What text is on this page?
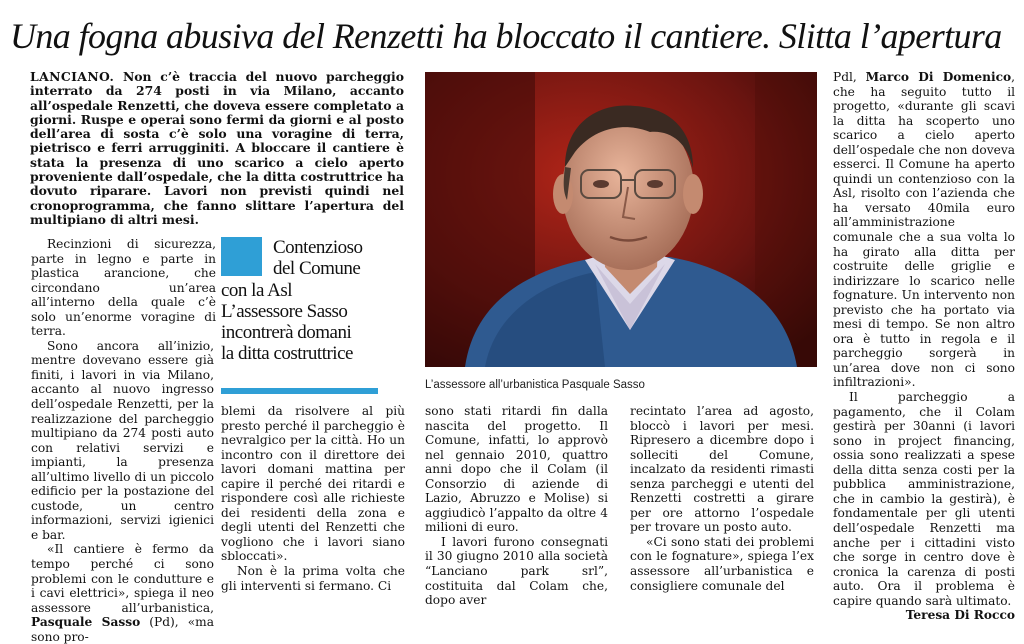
Una fogna abusiva del Renzetti ha bloccato il cantiere. Slitta l’apertura

LANCIANO. Non c’è traccia del nuovo parcheggio interrato da 274 posti in via Milano, accanto all’ospedale Renzetti, che doveva essere completato a giorni. Ruspe e operai sono fermi da giorni e al posto dell’area di sosta c’è solo una voragine di terra, pietrisco e ferri arrugginiti. A bloccare il cantiere è stata la presenza di uno scarico a cielo aperto proveniente dall’ospedale, che la ditta costruttrice ha dovuto riparare. Lavori non previsti quindi nel cronoprogramma, che fanno slittare l’apertura del multipiano di altri mesi.

Recinzioni di sicurezza, parte in legno e parte in plastica arancione, che circondano un’area all’interno della quale c’è solo un’enorme voragine di terra.

Sono ancora all’inizio, mentre dovevano essere già finiti, i lavori in via Milano, accanto al nuovo ingresso dell’ospedale Renzetti, per la realizzazione del parcheggio multipiano da 274 posti auto con relativi servizi e impianti, la presenza all’ultimo livello di un piccolo edificio per la postazione del custode, un centro informazioni, servizi igienici e bar.

«Il cantiere è fermo da tempo perché ci sono problemi con le condutture e i cavi elettrici», spiega il neo assessore all’urbanistica, Pasquale Sasso (Pd), «ma sono pro-

Contenzioso
del Comune
con la Asl
L’assessore Sasso
incontrerà domani
la ditta costruttrice

blemi da risolvere al più presto perché il parcheggio è nevralgico per la città. Ho un incontro con il direttore dei lavori domani mattina per capire il perché dei ritardi e rispondere così alle richieste dei residenti della zona e degli utenti del Renzetti che vogliono che i lavori siano sbloccati».

Non è la prima volta che gli interventi si fermano. Ci

L’assessore all’urbanistica Pasquale Sasso

sono stati ritardi fin dalla nascita del progetto. Il Comune, infatti, lo approvò nel gennaio 2010, quattro anni dopo che il Colam (il Consorzio di aziende di Lazio, Abruzzo e Molise) si aggiudicò l’appalto da oltre 4 milioni di euro.

I lavori furono consegnati il 30 giugno 2010 alla società “Lanciano park srl”, costituita dal Colam che, dopo aver

recintato l’area ad agosto, bloccò i lavori per mesi. Ripresero a dicembre dopo i solleciti del Comune, incalzato da residenti rimasti senza parcheggi e utenti del Renzetti costretti a girare per ore attorno l’ospedale per trovare un posto auto.

«Ci sono stati dei problemi con le fognature», spiega l’ex assessore all’urbanistica e consigliere comunale del

Pdl, Marco Di Domenico, che ha seguito tutto il progetto, «durante gli scavi la ditta ha scoperto uno scarico a cielo aperto dell’ospedale che non doveva esserci. Il Comune ha aperto quindi un contenzioso con la Asl, risolto con l’azienda che ha versato 40mila euro all’amministrazione comunale che a sua volta lo ha girato alla ditta per costruite delle griglie e indirizzare lo scarico nelle fognature. Un intervento non previsto che ha portato via mesi di tempo. Se non altro ora è tutto in regola e il parcheggio sorgerà in un’area dove non ci sono infiltrazioni».

Il parcheggio a pagamento, che il Colam gestirà per 30anni (i lavori sono in project financing, ossia sono realizzati a spese della ditta senza costi per la pubblica amministrazione, che in cambio la gestirà), è fondamentale per gli utenti dell’ospedale Renzetti ma anche per i cittadini visto che sorge in centro dove è cronica la carenza di posti auto. Ora il problema è capire quando sarà ultimato.

Teresa Di Rocco
